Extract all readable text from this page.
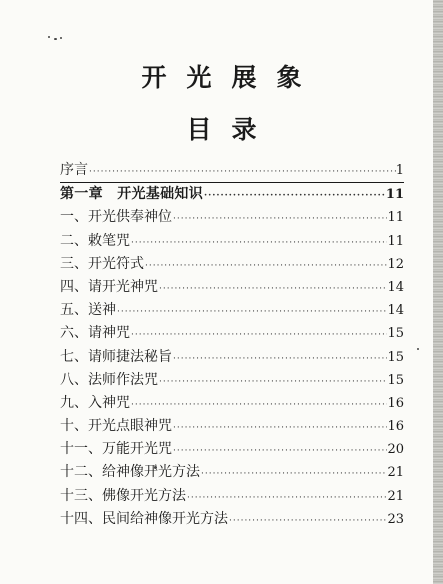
开光展象
目录
序言 ·····	1
第一章　开光基础知识 ·····	11
一、开光供奉神位 ·····	11
二、敕笔咒 ·····	11
三、开光符式 ·····	12
四、请开光神咒 ·····	14
五、送神 ·····	14
六、请神咒 ·····	15
七、请师捷法秘旨 ·····	15
八、法师作法咒 ·····	15
九、入神咒 ·····	16
十、开光点眼神咒 ·····	16
十一、万能开光咒 ·····	20
十二、给神像开光方法 ·····	21
十三、佛像开光方法 ·····	21
十四、民间给神像开光方法 ·····	23
